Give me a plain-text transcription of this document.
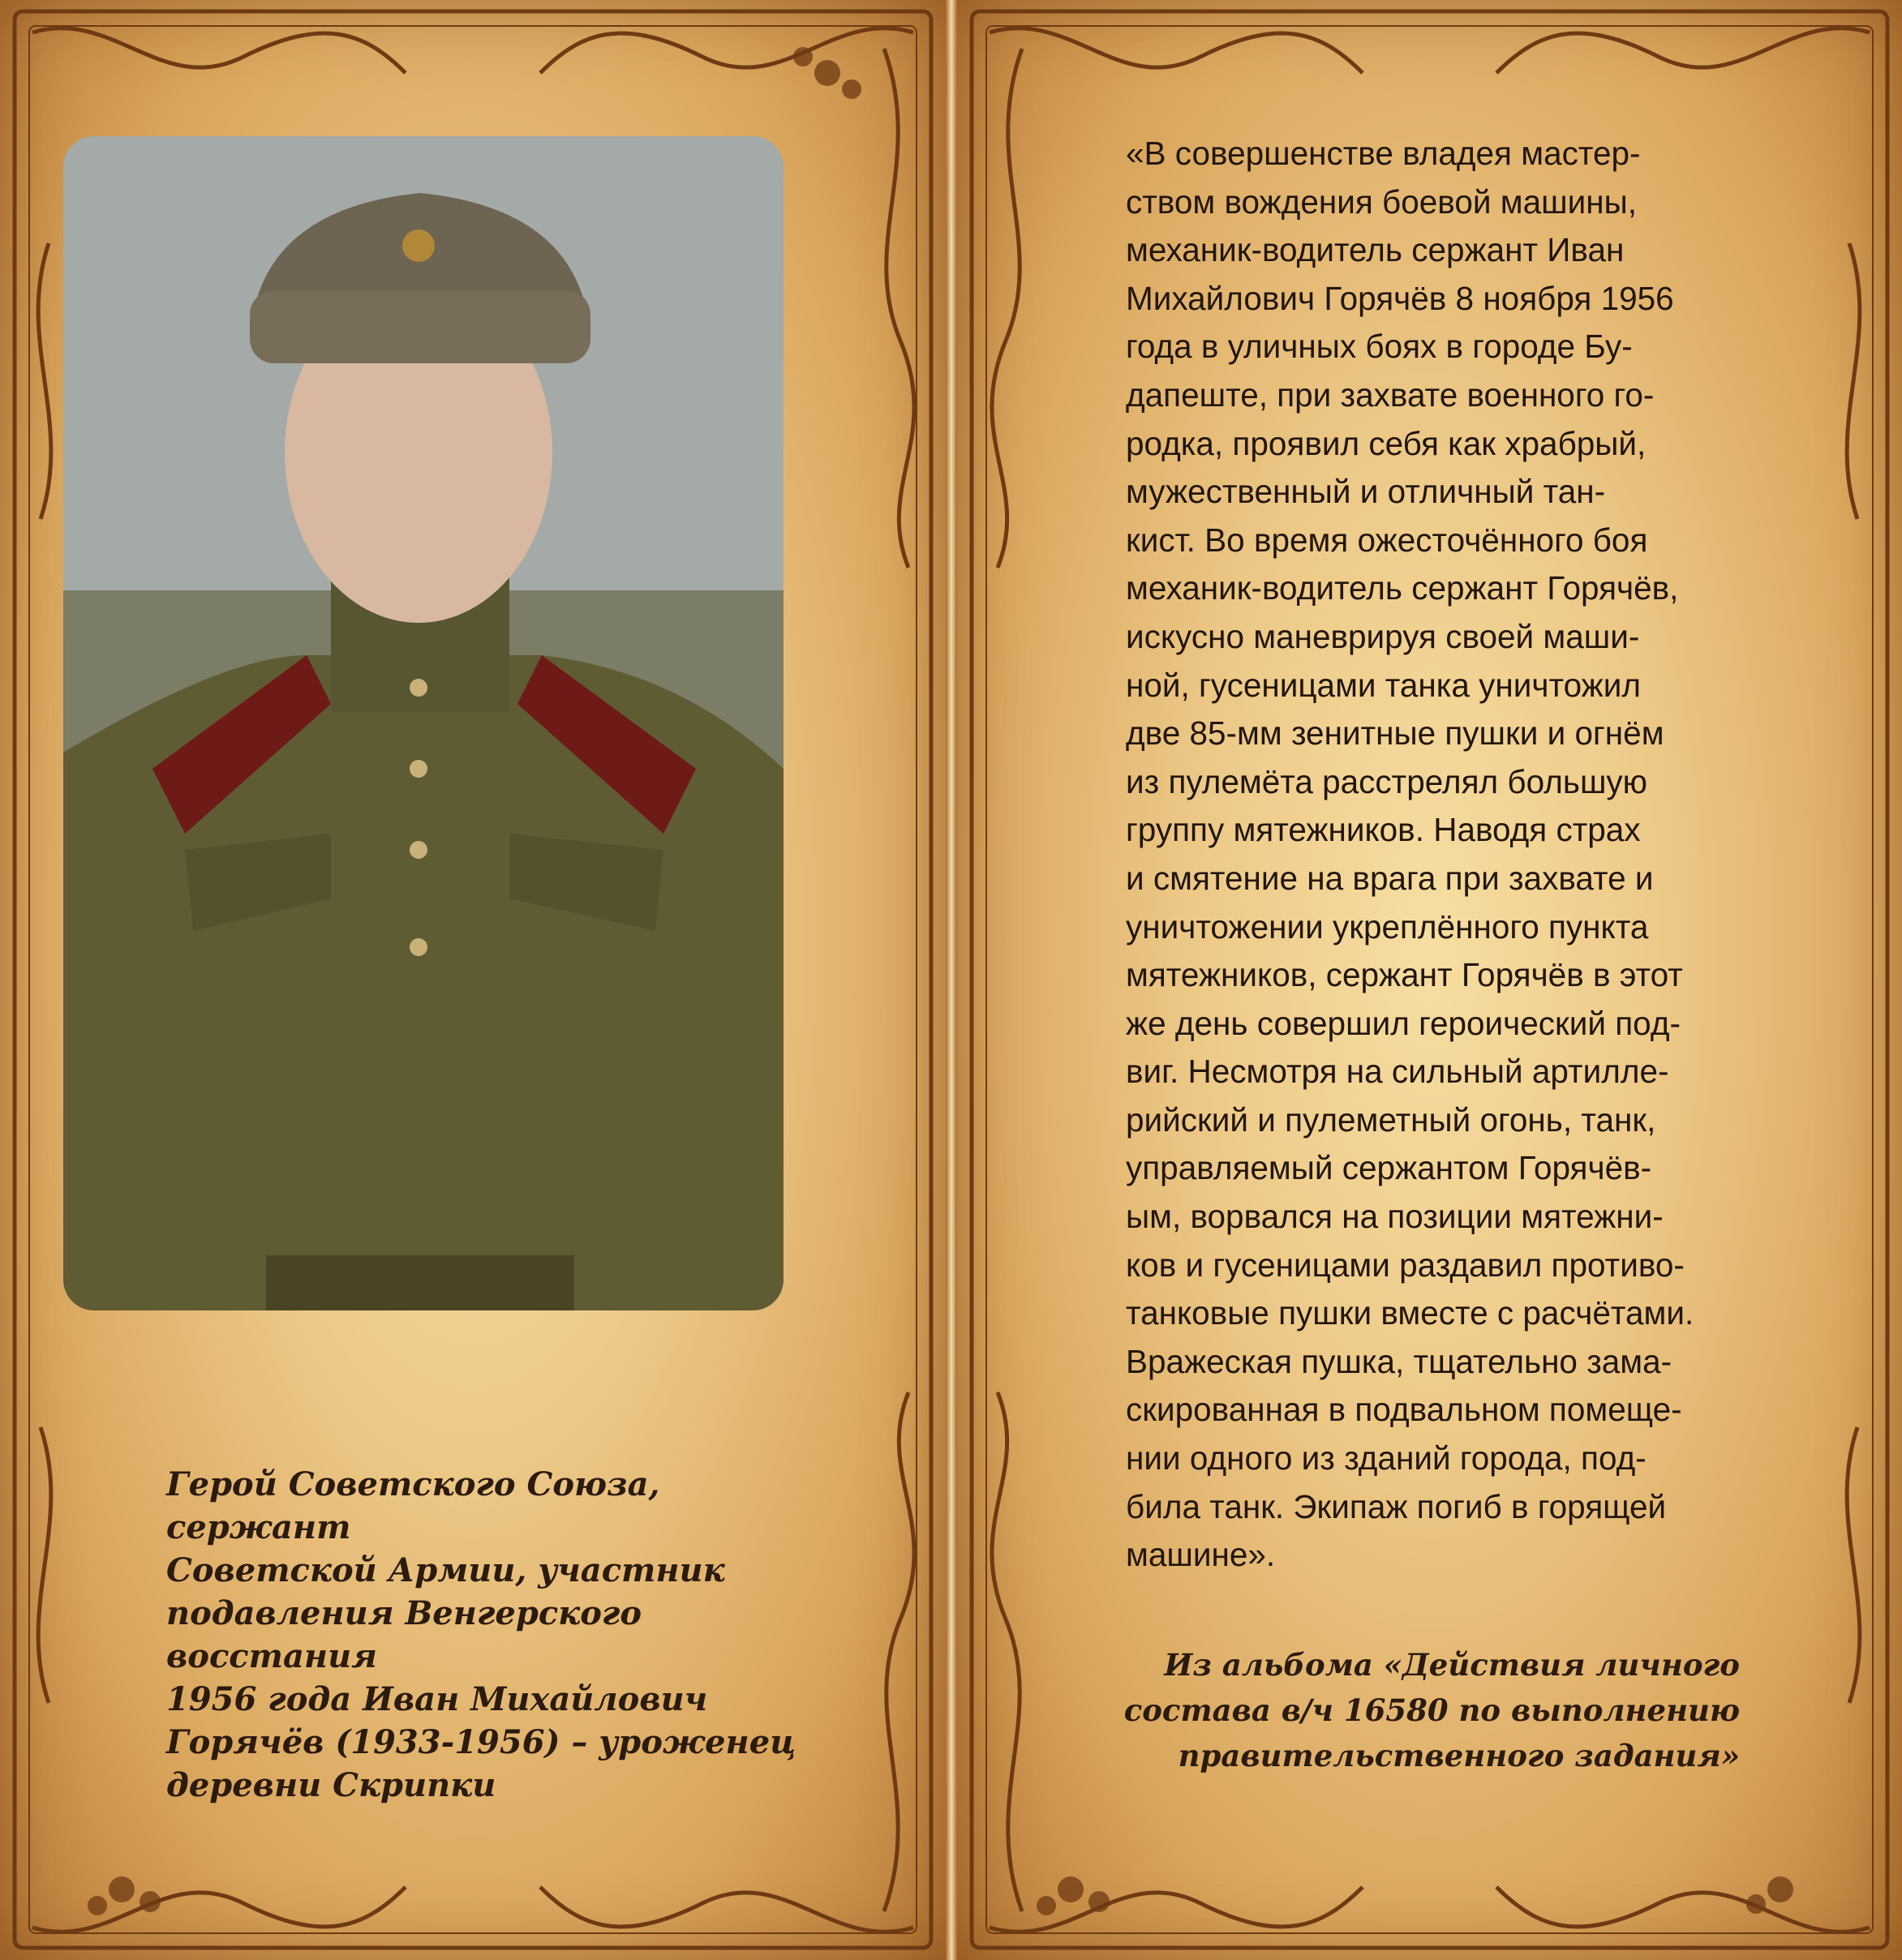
Герой Советского Союза, сержант
Советской Армии, участник
подавления Венгерского восстания
1956 года Иван Михайлович
Горячёв (1933-1956) – уроженец
деревни Скрипки

«В совершенстве владея мастер-
ством вождения боевой машины,
механик-водитель сержант Иван
Михайлович Горячёв 8 ноября 1956
года в уличных боях в городе Бу-
дапеште, при захвате военного го-
родка, проявил себя как храбрый,
мужественный и отличный тан-
кист. Во время ожесточённого боя
механик-водитель сержант Горячёв,
искусно маневрируя своей маши-
ной, гусеницами танка уничтожил
две 85-мм зенитные пушки и огнём
из пулемёта расстрелял большую
группу мятежников. Наводя страх
и смятение на врага при захвате и
уничтожении укреплённого пункта
мятежников, сержант Горячёв в этот
же день совершил героический под-
виг. Несмотря на сильный артилле-
рийский и пулеметный огонь, танк,
управляемый сержантом Горячёв-
ым, ворвался на позиции мятежни-
ков и гусеницами раздавил противо-
танковые пушки вместе с расчётами.
Вражеская пушка, тщательно зама-
скированная в подвальном помеще-
нии одного из зданий города, под-
била танк. Экипаж погиб в горящей
машине».

Из альбома «Действия личного
состава в/ч 16580 по выполнению
правительственного задания»
